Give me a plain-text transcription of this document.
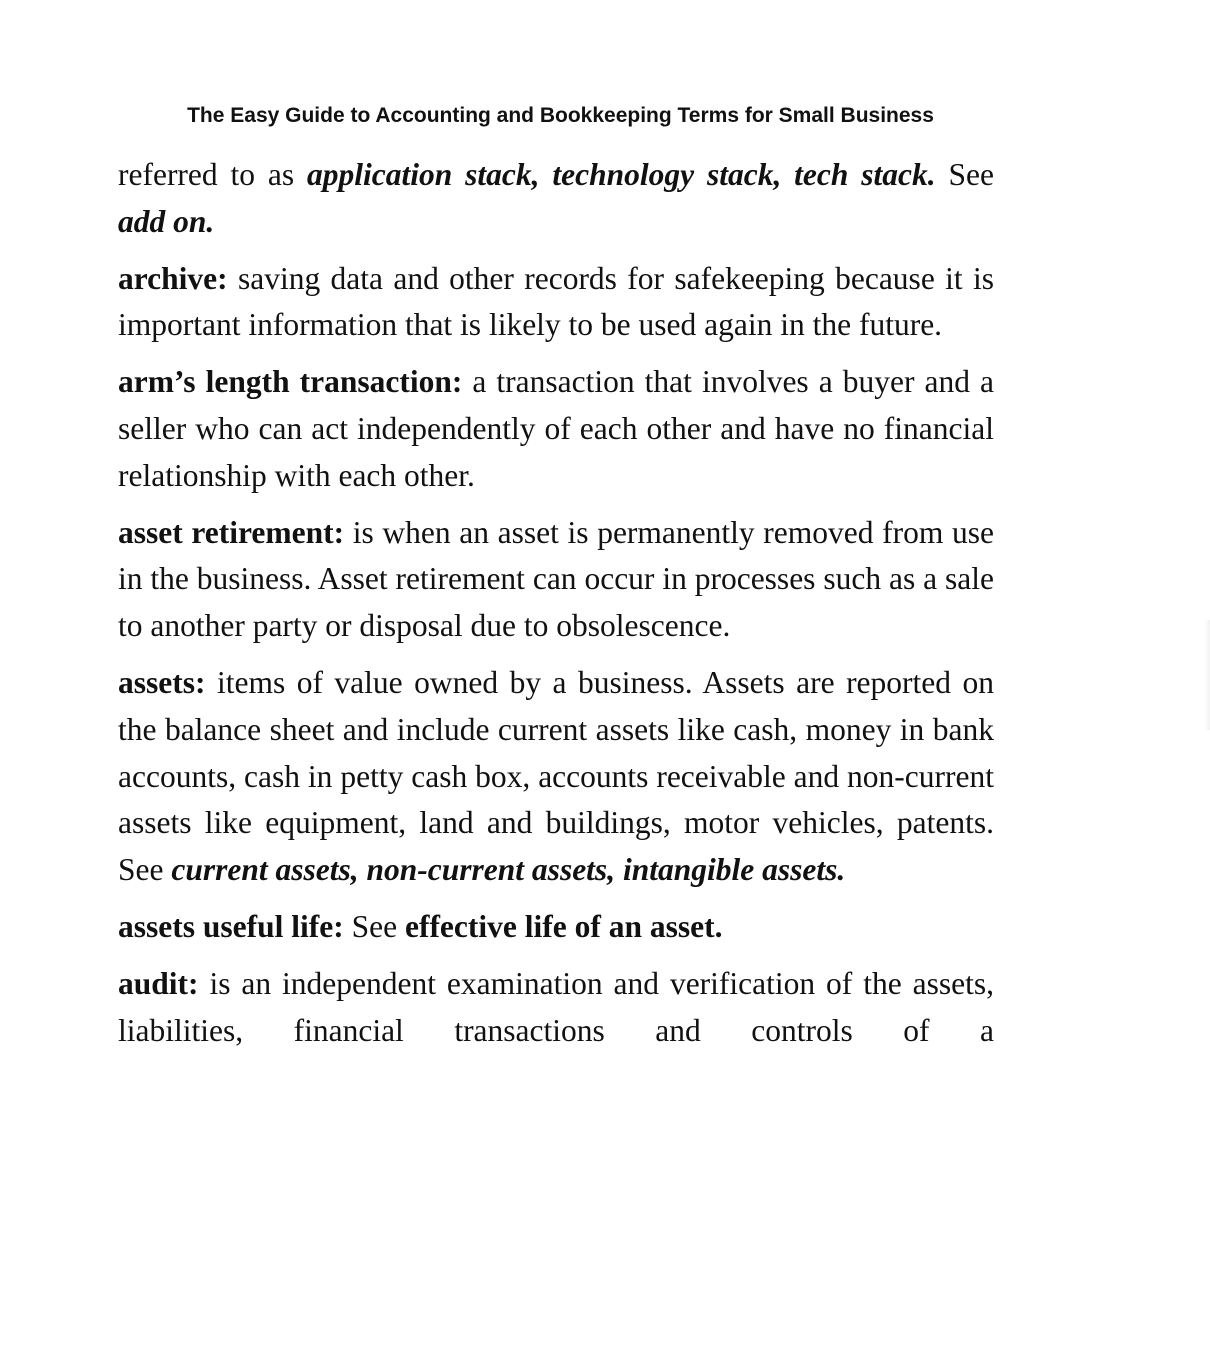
The Easy Guide to Accounting and Bookkeeping Terms for Small Business

referred to as application stack, technology stack, tech stack. See add on.

archive: saving data and other records for safekeeping because it is important information that is likely to be used again in the future.

arm’s length transaction: a transaction that involves a buyer and a seller who can act independently of each other and have no financial relationship with each other.

asset retirement: is when an asset is permanently removed from use in the business. Asset retirement can occur in processes such as a sale to another party or disposal due to obsolescence.

assets: items of value owned by a business. Assets are reported on the balance sheet and include current assets like cash, money in bank accounts, cash in petty cash box, accounts receivable and non-current assets like equipment, land and buildings, motor vehicles, patents. See current assets, non-current assets, intangible assets.

assets useful life: See effective life of an asset.

audit: is an independent examination and verification of the assets, liabilities, financial transactions and controls of a
